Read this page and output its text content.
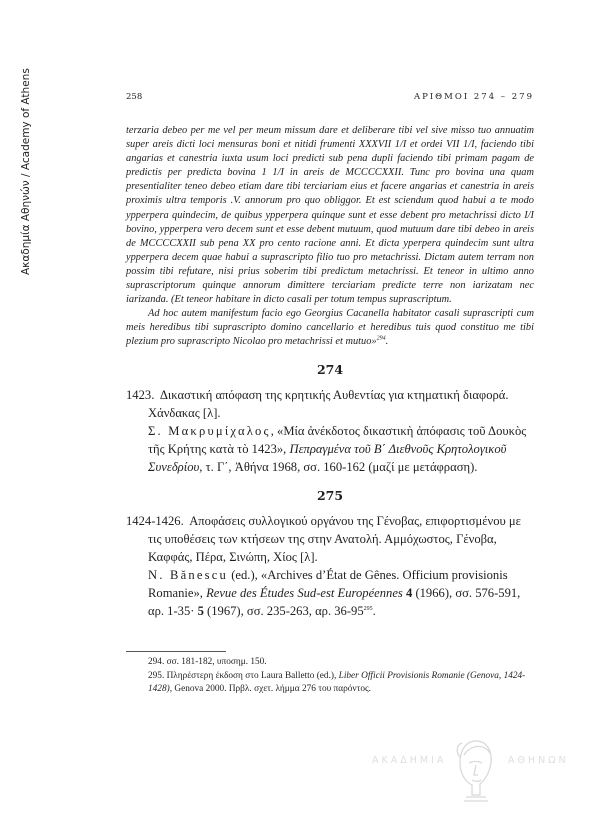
Ακαδημία Αθηνών / Academy of Athens	258	ΑΡΙΘΜΟΙ 274 – 279

terzaria debeo per me vel per meum missum dare et deliberare tibi vel sive misso tuo annuatim super areis dicti loci mensuras boni et nitidi frumenti XXXVII 1/I et ordei VII 1/I, faciendo tibi angarias et canestria iuxta usum loci predicti sub pena dupli faciendo tibi primam pagam de predictis per predicta bovina 1 1/I in areis de MCCCCXXII. Tunc pro bovina una quam presentialiter teneo debeo etiam dare tibi terciariam eius et facere angarias et canestria in areis proximis ultra temporis .V. annorum pro quo obliggor. Et est sciendum quod habui a te modo ypperpera quindecim, de quibus ypperpera quinque sunt et esse debent pro metachrissi dicto I/I bovino, ypperpera vero decem sunt et esse debent mutuum, quod mutuum dare tibi debeo in areis de MCCCCXXII sub pena XX pro cento racione anni. Et dicta yperpera quindecim sunt ultra ypperpera decem quae habui a suprascripto filio tuo pro metachrissi. Dictam autem terram non possim tibi refutare, nisi prius soberim tibi predictum metachrissi. Et teneor in ultimo anno suprascriptorum quinque annorum dimittere terciariam predicte terre non iarizatam nec iarizanda. (Et teneor habitare in dicto casali per totum tempus suprascriptum.

Ad hoc autem manifestum facio ego Georgius Cacanella habitator casali suprascripti cum meis heredibus tibi suprascripto domino cancellario et heredibus tuis quod constituo me tibi plezium pro suprascripto Nicolao pro metachrissi et mutuo»$^{294}$.

274

1423. Δικαστική απόφαση της κρητικής Αυθεντίας για κτηματική διαφορά. Χάνδακας [λ].

Σ. Μακρυμίχαλος, «Μία ἀνέκδοτος δικαστικὴ ἀπόφασις τοῦ Δουκὸς τῆς Κρήτης κατὰ τὸ 1423», Πεπραγμένα τοῦ Β΄ Διεθνοῦς Κρητολογικοῦ Συνεδρίου, τ. Γ΄, Ἀθήνα 1968, σσ. 160-162 (μαζί με μετάφραση).

275

1424-1426. Αποφάσεις συλλογικού οργάνου της Γένοβας, επιφορτισμένου με τις υποθέσεις των κτήσεων της στην Ανατολή. Αμμόχωστος, Γένοβα, Καφφάς, Πέρα, Σινώπη, Χίος [λ].

N. Bănescu (ed.), «Archives d’État de Gênes. Officium provisionis Romanie», Revue des Études Sud-est Européennes 4 (1966), σσ. 576-591, αρ. 1-35· 5 (1967), σσ. 235-263, αρ. $36-95^{295}$.

294. σσ. 181-182, υποσημ. 150.

295. Πληρέστερη έκδοση στο Laura Balletto (ed.), Liber Officii Provisionis Romanie (Genova, 1424-1428), Genova 2000. Πρβλ. σχετ. λήμμα 276 του παρόντος.

ΑΚΑΔΗΜΙΑ	ΑΘΗΝΩΝ
